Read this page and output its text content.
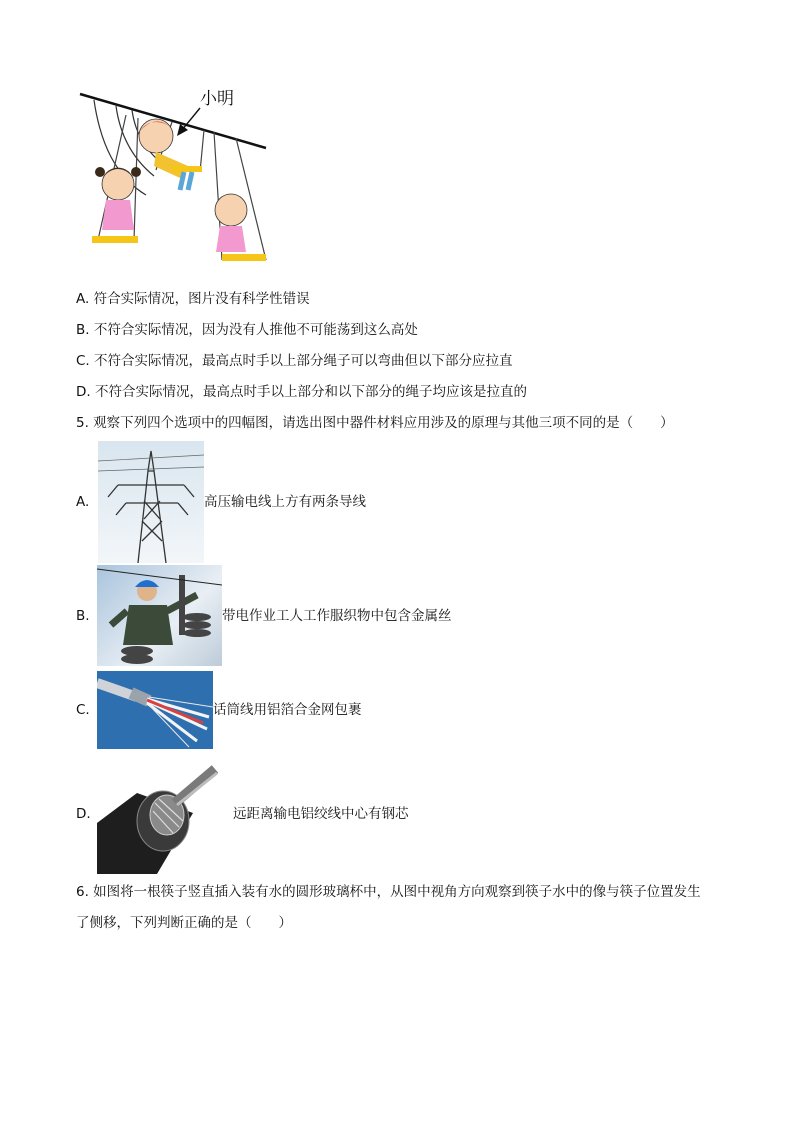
小明
A. 符合实际情况，图片没有科学性错误
B. 不符合实际情况，因为没有人推他不可能荡到这么高处
C. 不符合实际情况，最高点时手以上部分绳子可以弯曲但以下部分应拉直
D. 不符合实际情况，最高点时手以上部分和以下部分的绳子均应该是拉直的
5. 观察下列四个选项中的四幅图，请选出图中器件材料应用涉及的原理与其他三项不同的是（　　）
A.	高压输电线上方有两条导线
B.	带电作业工人工作服织物中包含金属丝
C.	话筒线用铝箔合金网包裹
D.	远距离输电铝绞线中心有钢芯
6. 如图将一根筷子竖直插入装有水的圆形玻璃杯中，从图中视角方向观察到筷子水中的像与筷子位置发生
了侧移，下列判断正确的是（　　）
